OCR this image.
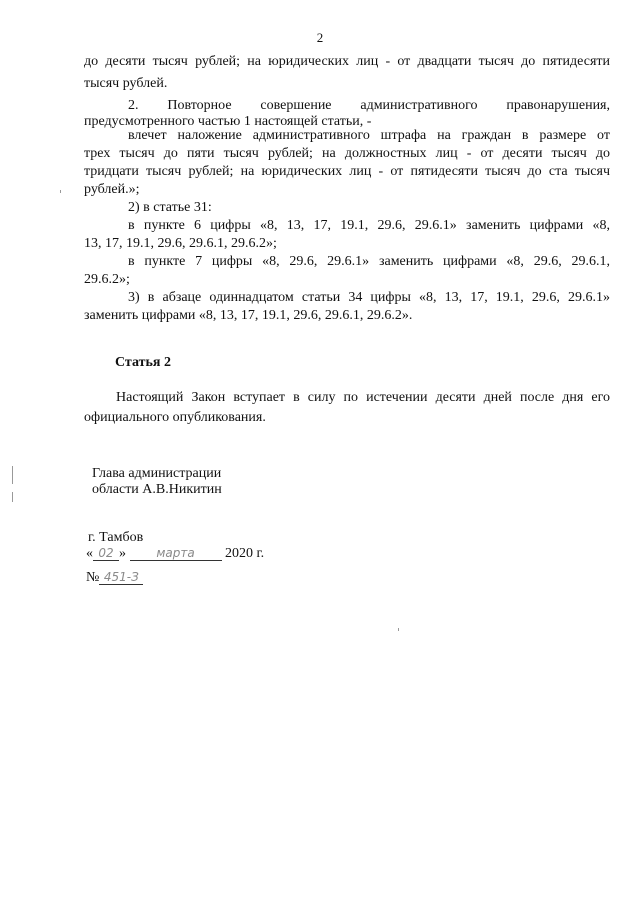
2
до десяти тысяч рублей; на юридических лиц - от двадцати тысяч до пятидесяти
тысяч рублей.
2. Повторное совершение административного правонарушения,
предусмотренного частью 1 настоящей статьи, -
влечет наложение административного штрафа на граждан в размере от
трех тысяч до пяти тысяч рублей; на должностных лиц - от десяти тысяч до
тридцати тысяч рублей; на юридических лиц - от пятидесяти тысяч до ста тысяч
рублей.»;
2) в статье 31:
в пункте 6 цифры «8, 13, 17, 19.1, 29.6, 29.6.1» заменить цифрами «8,
13, 17, 19.1, 29.6, 29.6.1, 29.6.2»;
в пункте 7 цифры «8, 29.6, 29.6.1» заменить цифрами «8, 29.6, 29.6.1,
29.6.2»;
3) в абзаце одиннадцатом статьи 34 цифры «8, 13, 17, 19.1, 29.6, 29.6.1»
заменить цифрами «8, 13, 17, 19.1, 29.6, 29.6.1, 29.6.2».
Статья 2
Настоящий Закон вступает в силу по истечении десяти дней после дня его
официального опубликования.
Глава администрации
области А.В.Никитин
г. Тамбов
« 02 »	марта 2020 г.
№ 451-З
